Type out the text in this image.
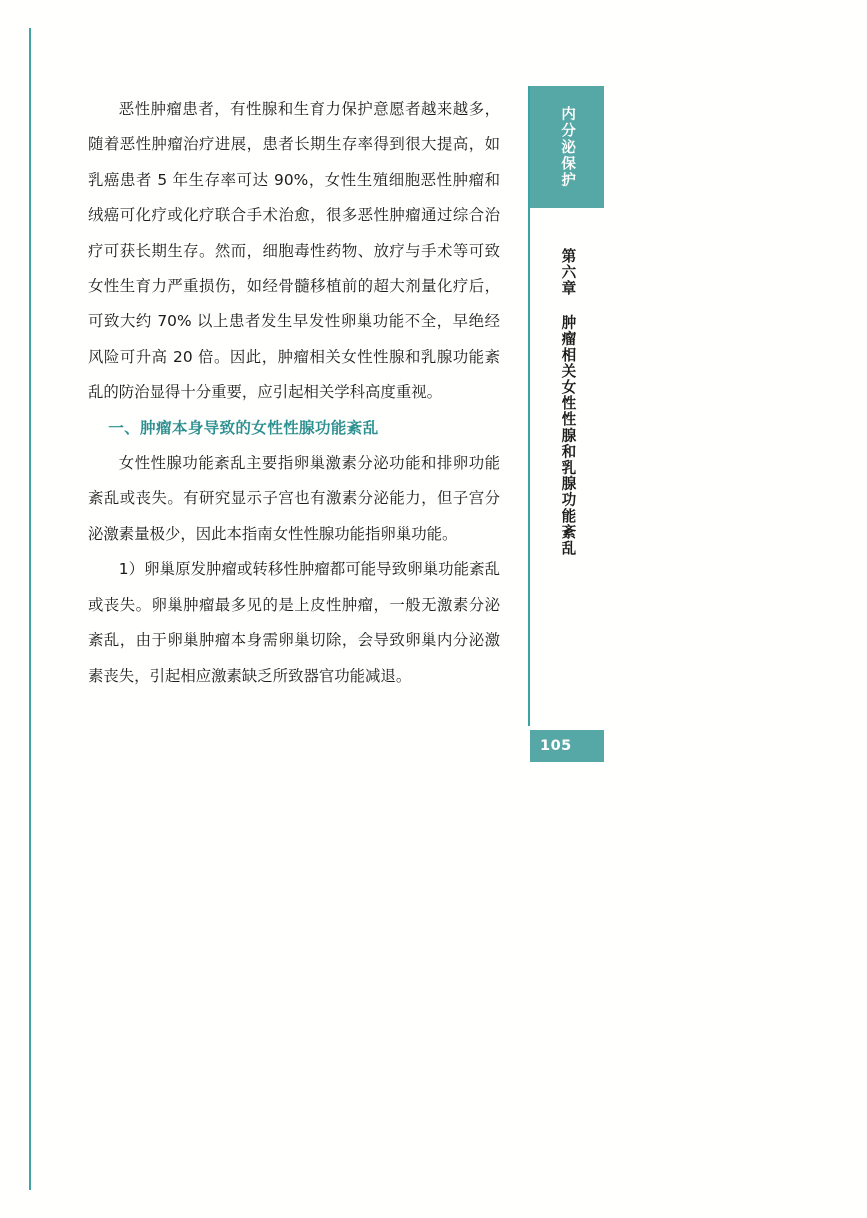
恶性肿瘤患者，有性腺和生育力保护意愿者越来越多，随着恶性肿瘤治疗进展，患者长期生存率得到很大提高，如乳癌患者 5 年生存率可达 90%，女性生殖细胞恶性肿瘤和绒癌可化疗或化疗联合手术治愈，很多恶性肿瘤通过综合治疗可获长期生存。然而，细胞毒性药物、放疗与手术等可致女性生育力严重损伤，如经骨髓移植前的超大剂量化疗后，可致大约 70% 以上患者发生早发性卵巢功能不全，早绝经风险可升高 20 倍。因此，肿瘤相关女性性腺和乳腺功能紊乱的防治显得十分重要，应引起相关学科高度重视。

一、肿瘤本身导致的女性性腺功能紊乱

女性性腺功能紊乱主要指卵巢激素分泌功能和排卵功能紊乱或丧失。有研究显示子宫也有激素分泌能力，但子宫分泌激素量极少，因此本指南女性性腺功能指卵巢功能。

1）卵巢原发肿瘤或转移性肿瘤都可能导致卵巢功能紊乱或丧失。卵巢肿瘤最多见的是上皮性肿瘤，一般无激素分泌紊乱，由于卵巢肿瘤本身需卵巢切除，会导致卵巢内分泌激素丧失，引起相应激素缺乏所致器官功能减退。

内分泌保护
第六章 肿瘤相关女性性腺和乳腺功能紊乱
105
